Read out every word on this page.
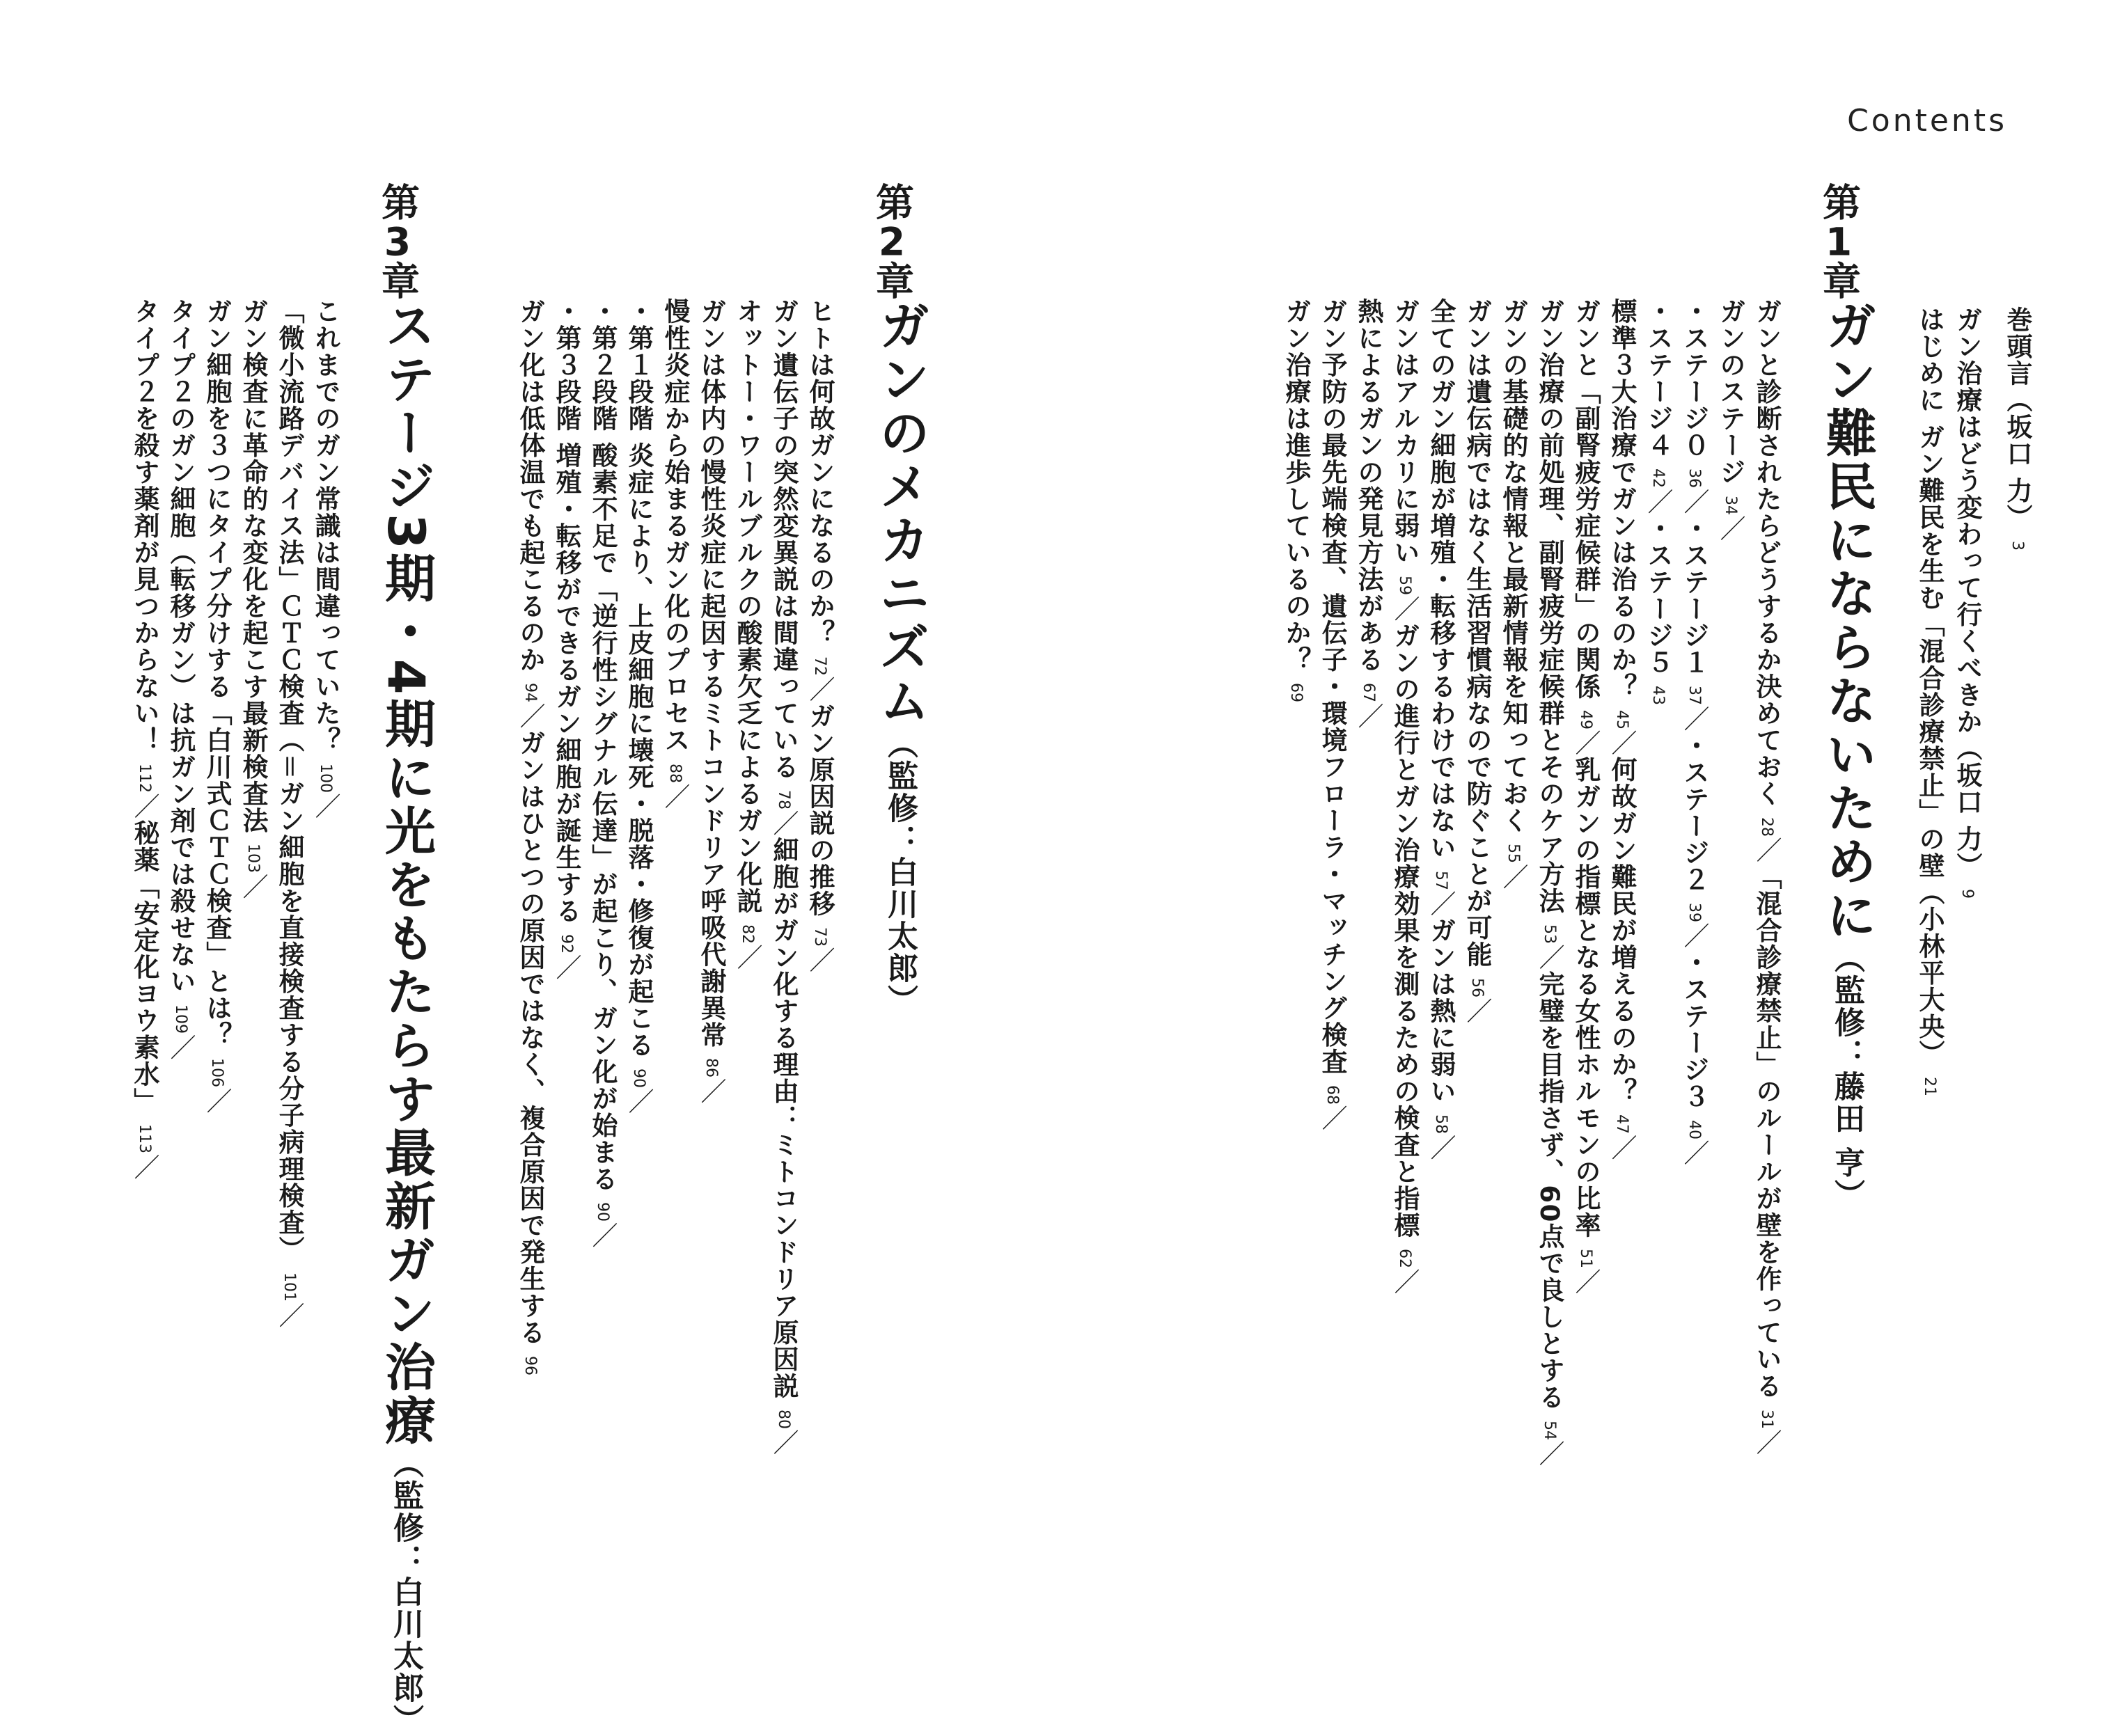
Contents
巻頭言（坂口 力） 3
ガン治療はどう変わって行くべきか（坂口 力） 9
はじめに ガン難民を生む「混合診療禁止」の壁（小林平大央） 21
第1章
ガン難民にならないために（監修：藤田 亨）
ガンと診断されたらどうするか決めておく 28／「混合診療禁止」のルールが壁を作っている 31／
ガンのステージ 34／
・ステージ０ 36／・ステージ１ 37／・ステージ２ 39／・ステージ３ 40／
・ステージ４ 42／・ステージ５ 43
標準３大治療でガンは治るのか？ 45／何故ガン難民が増えるのか？ 47／
ガンと「副腎疲労症候群」の関係 49／乳ガンの指標となる女性ホルモンの比率 51／
ガン治療の前処理、副腎疲労症候群とそのケア方法 53／完璧を目指さず、60点で良しとする 54／
ガンの基礎的な情報と最新情報を知っておく 55／
ガンは遺伝病ではなく生活習慣病なので防ぐことが可能 56／
全てのガン細胞が増殖・転移するわけではない 57／ガンは熱に弱い 58／
ガンはアルカリに弱い 59／ガンの進行とガン治療効果を測るための検査と指標 62／
熱によるガンの発見方法がある 67／
ガン予防の最先端検査、遺伝子・環境フローラ・マッチング検査 68／
ガン治療は進歩しているのか？ 69
第2章
ガンのメカニズム（監修：白川太郎）
ヒトは何故ガンになるのか？ 72／ガン原因説の推移 73／
ガン遺伝子の突然変異説は間違っている 78／細胞がガン化する理由：ミトコンドリア原因説 80／
オットー・ワールブルクの酸素欠乏によるガン化説 82／
ガンは体内の慢性炎症に起因するミトコンドリア呼吸代謝異常 86／
慢性炎症から始まるガン化のプロセス 88／
・第１段階 炎症により、上皮細胞に壊死・脱落・修復が起こる 90／
・第２段階 酸素不足で「逆行性シグナル伝達」が起こり、ガン化が始まる 90／
・第３段階 増殖・転移ができるガン細胞が誕生する 92／
ガン化は低体温でも起こるのか 94／ガンはひとつの原因ではなく、複合原因で発生する 96
第3章
ステージ3期・4期に光をもたらす最新ガン治療（監修：白川太郎）
これまでのガン常識は間違っていた？ 100／
「微小流路デバイス法」ＣＴＣ検査（＝ガン細胞を直接検査する分子病理検査） 101／
ガン検査に革命的な変化を起こす最新検査法 103／
ガン細胞を３つにタイプ分けする「白川式ＣＴＣ検査」とは？ 106／
タイプ２のガン細胞（転移ガン）は抗ガン剤では殺せない 109／
タイプ２を殺す薬剤が見つからない！ 112／秘薬「安定化ヨウ素水」 113／
